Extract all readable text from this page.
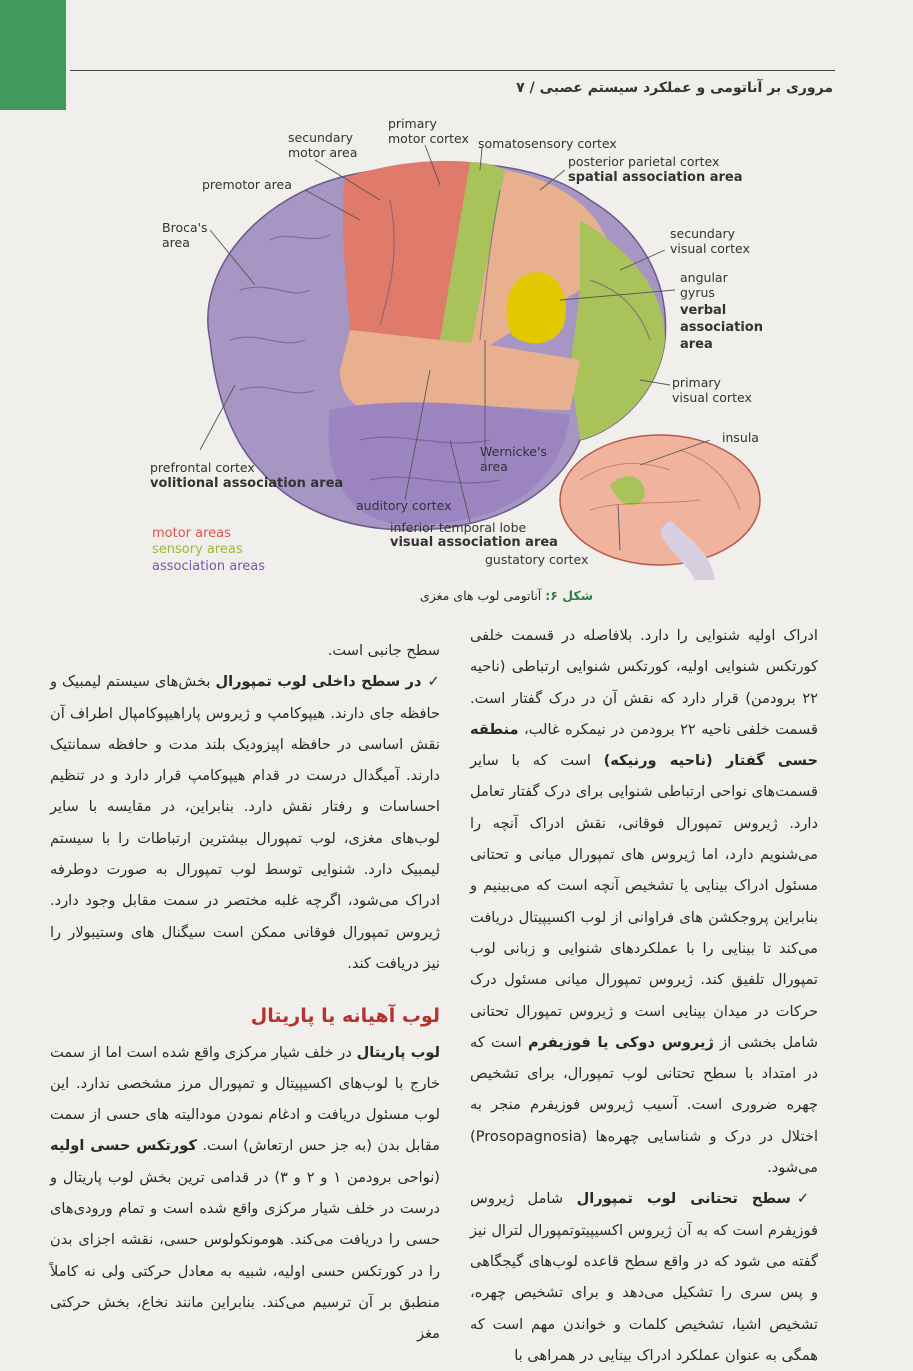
مروری بر آناتومی و عملکرد سیستم عصبی / ۷
secundary
motor area
primary
motor cortex somatosensory cortex
posterior parietal cortex
spatial association area
premotor area
Broca's
area
secundary
visual cortex
angular
gyrus
verbal
association
area
primary
visual cortex
insula
Wernicke's
area
prefrontal cortex
volitional association area
auditory cortex
inferior temporal lobe
visual association area
gustatory cortex
motor areas
sensory areas
association areas
شکل ۶:آناتومی لوب های مغزی

ادراک اولیه شنوایی را دارد. بلافاصله در قسمت خلفی کورتکس شنوایی اولیه، کورتکس شنوایی ارتباطی (ناحیه ۲۲ برودمن) قرار دارد که نقش آن در درک گفتار است. قسمت خلفی ناحیه ۲۲ برودمن در نیمکره غالب، منطقه حسی گفتار (ناحیه ورنیکه) است که با سایر قسمت‌های نواحی ارتباطی شنوایی برای درک گفتار تعامل دارد. ژیروس تمپورال فوقانی، نقش ادراک آنچه را می‌شنویم دارد، اما ژیروس های تمپورال میانی و تحتانی مسئول ادراک بینایی یا تشخیص آنچه است که می‌بینیم و بنابراین پروجکشن های فراوانی از لوب اکسیپیتال دریافت می‌کند تا بینایی را با عملکردهای شنوایی و زبانی لوب تمپورال تلفیق کند. ژیروس تمپورال میانی مسئول درک حرکات در میدان بینایی است و ژیروس تمپورال تحتانی شامل بخشی از ژیروس دوکی یا فوزیفرم است که در امتداد با سطح تحتانی لوب تمپورال، برای تشخیص چهره ضروری است. آسیب ژیروس فوزیفرم منجر به اختلال در درک و شناسایی چهره‌ها (Prosopagnosia) می‌شود.

✓سطح تحتانی لوب تمپورال شامل ژیروس فوزیفرم است که به آن ژیروس اکسیپیتوتمپورال لترال نیز گفته می شود که در واقع سطح قاعده لوب‌های گیجگاهی و پس سری را تشکیل می‌دهد و برای تشخیص چهره، تشخیص اشیا، تشخیص کلمات و خواندن مهم است که همگی به عنوان عملکرد ادراک بینایی در همراهی با

سطح جانبی است.

✓در سطح داخلی لوب تمپورال بخش‌های سیستم لیمبیک و حافظه جای دارند. هیپوکامپ و ژیروس پاراهیپوکامپال اطراف آن نقش اساسی در حافظه اپیزودیک بلند مدت و حافظه سمانتیک دارند. آمیگدال درست در قدام هیپوکامپ قرار دارد و در تنظیم احساسات و رفتار نقش دارد. بنابراین، در مقایسه با سایر لوب‌های مغزی، لوب تمپورال بیشترین ارتباطات را با سیستم لیمبیک دارد. شنوایی توسط لوب تمپورال به صورت دوطرفه ادراک می‌شود، اگرچه غلبه مختصر در سمت مقابل وجود دارد. ژیروس تمپورال فوقانی ممکن است سیگنال های وستیبولار را نیز دریافت کند.

لوب آهیانه یا پاریتال

لوب پاریتال در خلف شیار مرکزی واقع شده است اما از سمت خارج با لوب‌های اکسیپیتال و تمپورال مرز مشخصی ندارد. این لوب مسئول دریافت و ادغام نمودن مودالیته های حسی از سمت مقابل بدن (به جز حس ارتعاش) است. کورتکس حسی اولیه (نواحی برودمن ۱ و ۲ و ۳) در قدامی ترین بخش لوب پاریتال و درست در خلف شیار مرکزی واقع شده است و تمام ورودی‌های حسی را دریافت می‌کند. هومونکولوس حسی، نقشه اجزای بدن را در کورتکس حسی اولیه، شبیه به معادل حرکتی ولی نه کاملاً منطبق بر آن ترسیم می‌کند. بنابراین مانند نخاع، بخش حرکتی مغز
